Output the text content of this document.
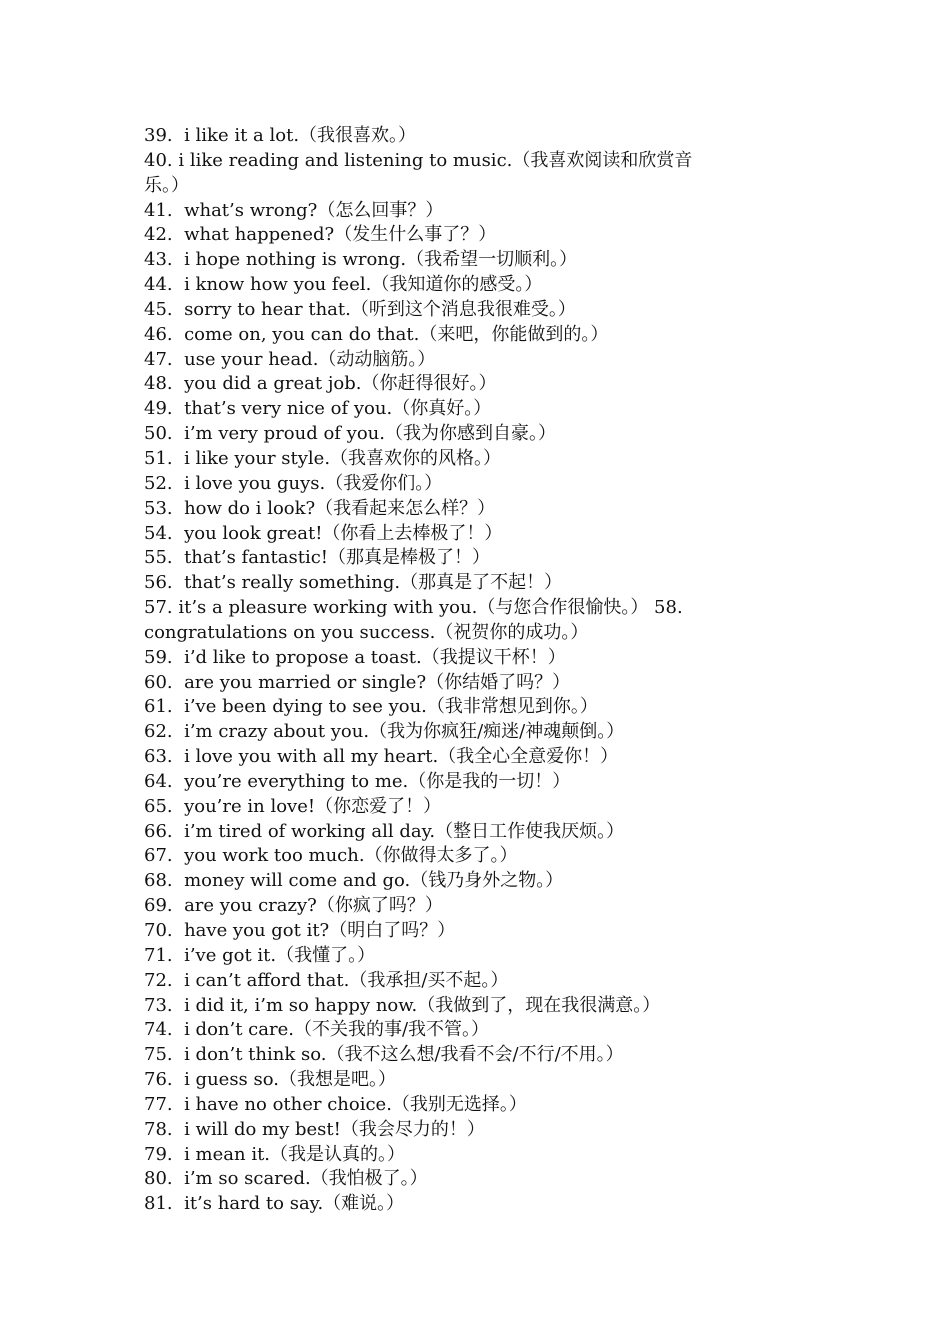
39.  i like it a lot.（我很喜欢。）
40. i like reading and listening to music.（我喜欢阅读和欣赏音
乐。）
41.  what’s wrong?（怎么回事？）
42.  what happened?（发生什么事了？）
43.  i hope nothing is wrong.（我希望一切顺利。）
44.  i know how you feel.（我知道你的感受。）
45.  sorry to hear that.（听到这个消息我很难受。）
46.  come on, you can do that.（来吧，你能做到的。）
47.  use your head.（动动脑筋。）
48.  you did a great job.（你赶得很好。）
49.  that’s very nice of you.（你真好。）
50.  i’m very proud of you.（我为你感到自豪。）
51.  i like your style.（我喜欢你的风格。）
52.  i love you guys.（我爱你们。）
53.  how do i look?（我看起来怎么样？）
54.  you look great!（你看上去棒极了！）
55.  that’s fantastic!（那真是棒极了！）
56.  that’s really something.（那真是了不起！）
57. it’s a pleasure working with you.（与您合作很愉快。） 58.
congratulations on you success.（祝贺你的成功。）
59.  i’d like to propose a toast.（我提议干杯！）
60.  are you married or single?（你结婚了吗？）
61.  i’ve been dying to see you.（我非常想见到你。）
62.  i’m crazy about you.（我为你疯狂/痴迷/神魂颠倒。）
63.  i love you with all my heart.（我全心全意爱你！）
64.  you’re everything to me.（你是我的一切！）
65.  you’re in love!（你恋爱了！）
66.  i’m tired of working all day.（整日工作使我厌烦。）
67.  you work too much.（你做得太多了。）
68.  money will come and go.（钱乃身外之物。）
69.  are you crazy?（你疯了吗？）
70.  have you got it?（明白了吗？）
71.  i’ve got it.（我懂了。）
72.  i can’t afford that.（我承担/买不起。）
73.  i did it, i’m so happy now.（我做到了，现在我很满意。）
74.  i don’t care.（不关我的事/我不管。）
75.  i don’t think so.（我不这么想/我看不会/不行/不用。）
76.  i guess so.（我想是吧。）
77.  i have no other choice.（我别无选择。）
78.  i will do my best!（我会尽力的！）
79.  i mean it.（我是认真的。）
80.  i’m so scared.（我怕极了。）
81.  it’s hard to say.（难说。）
